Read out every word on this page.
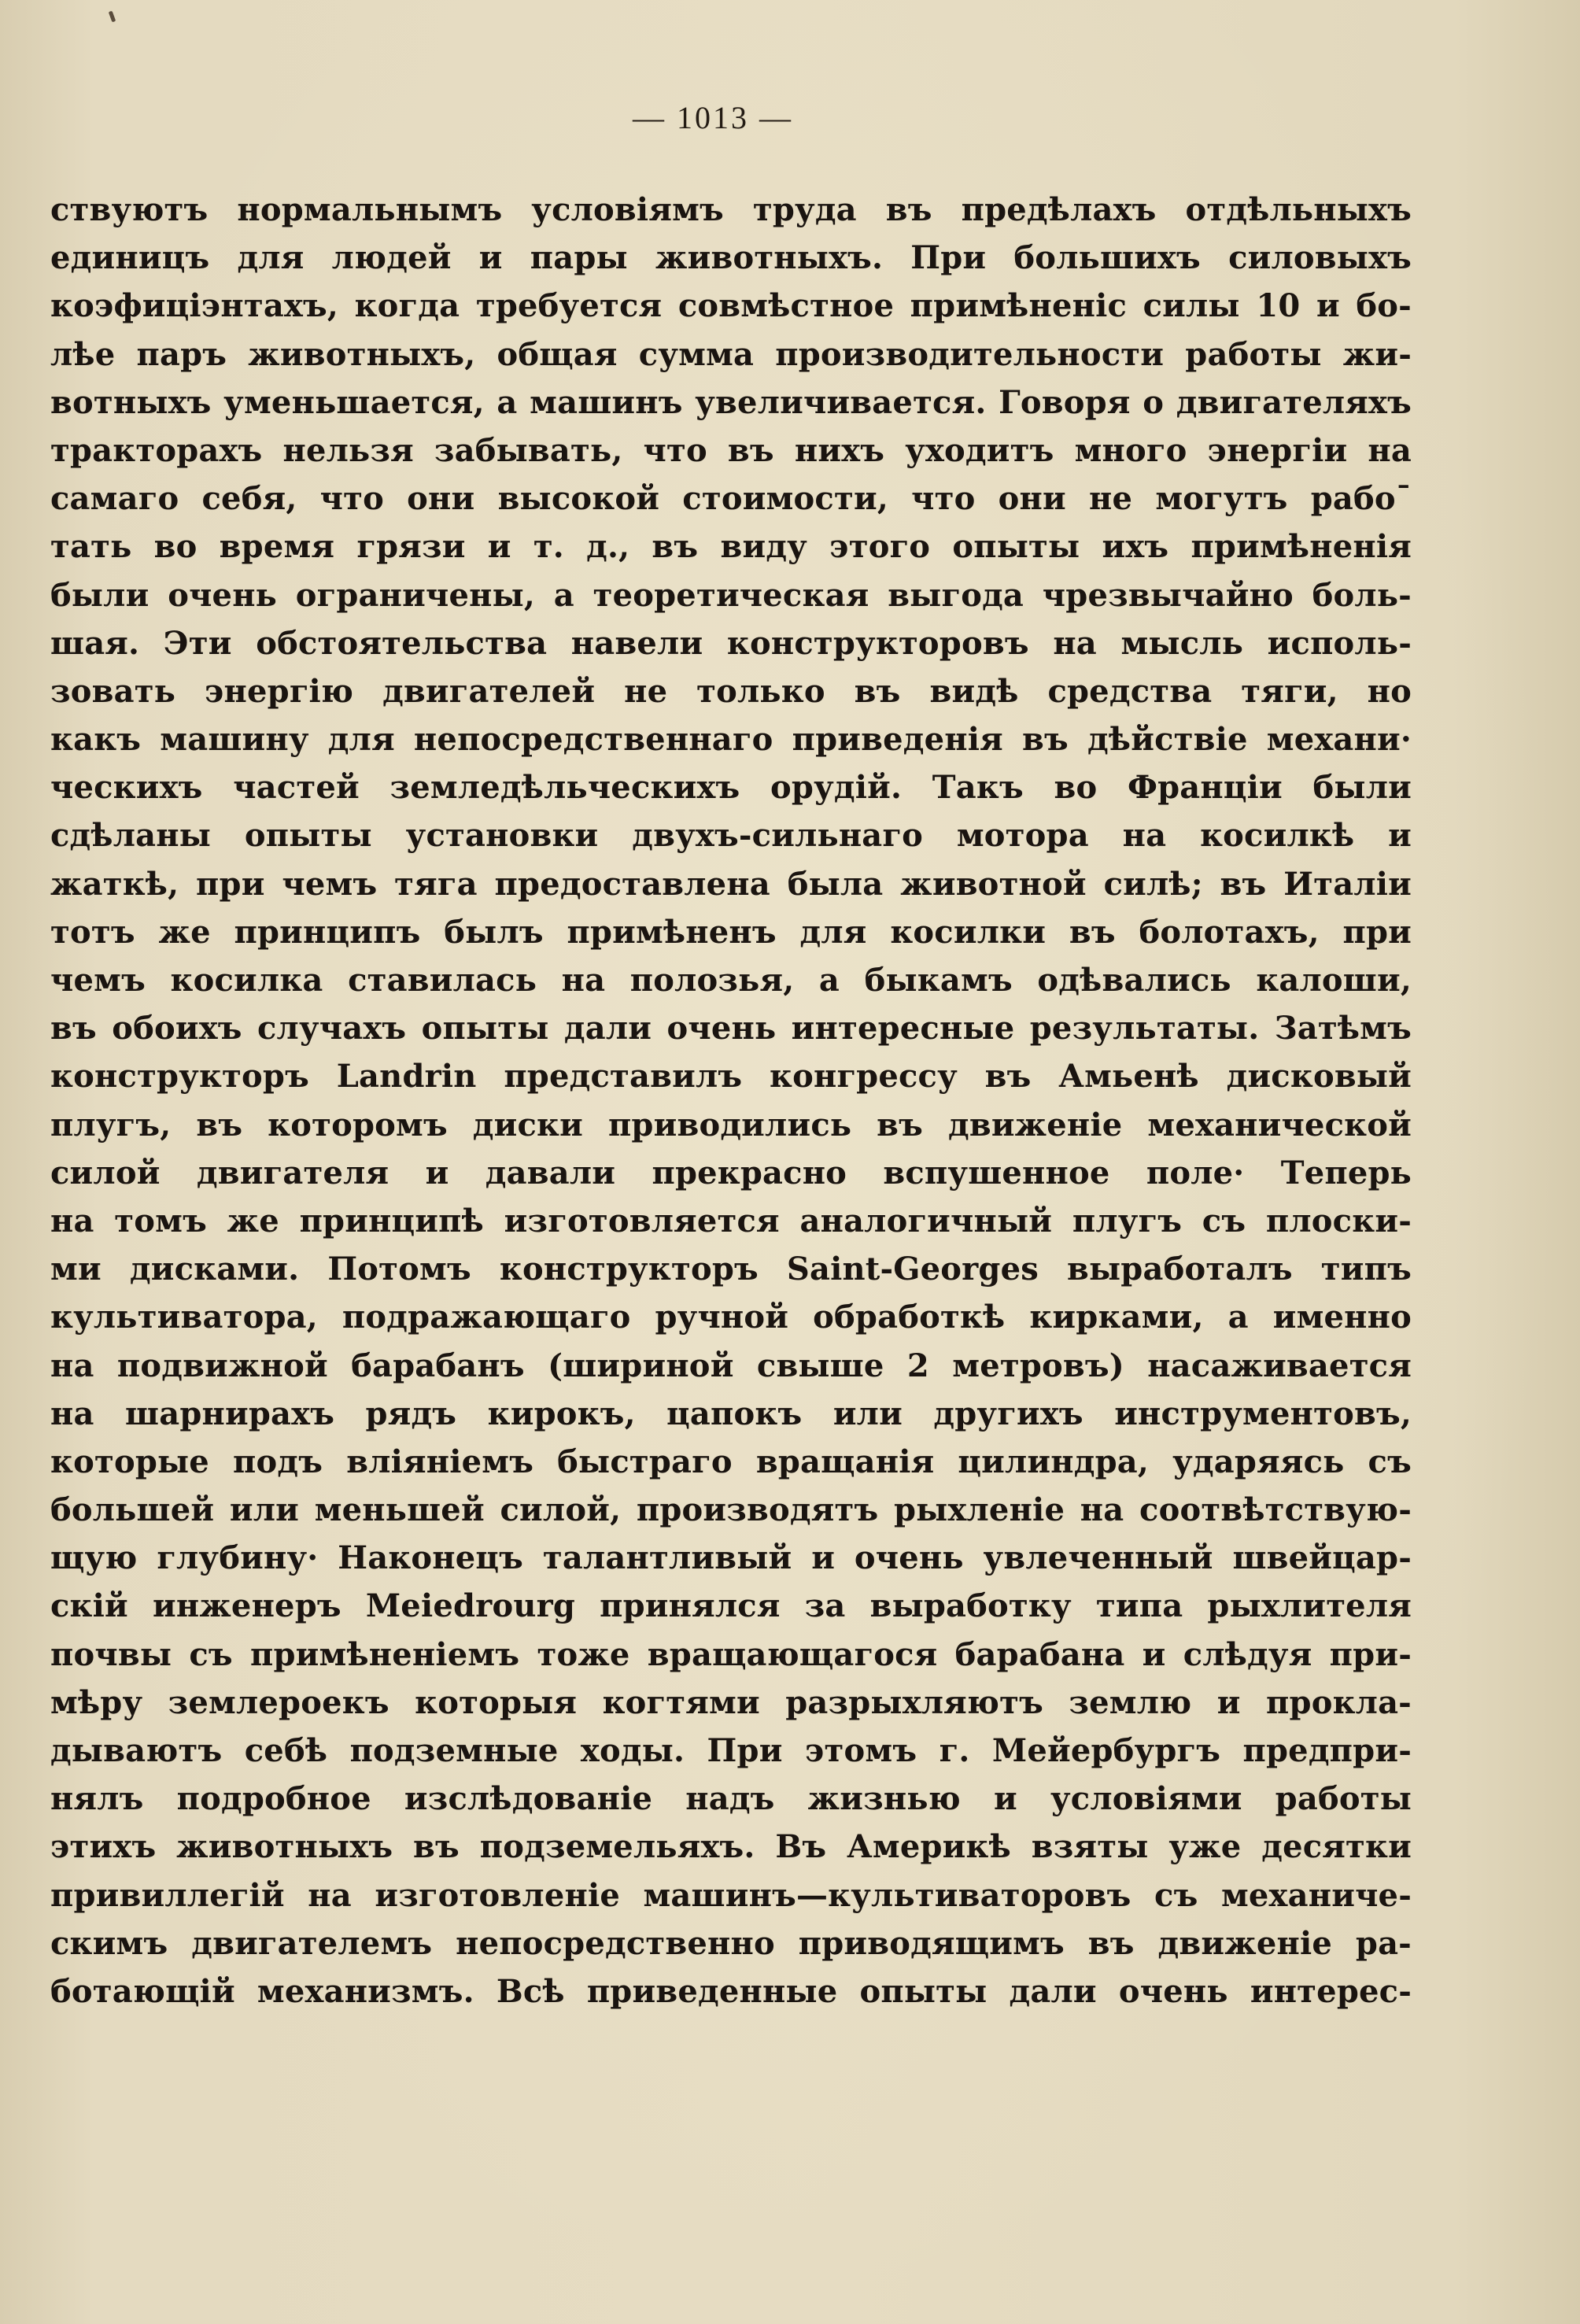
— 1013 —
ствуютъ нормальнымъ условіямъ труда въ предѣлахъ отдѣльныхъ
единицъ для людей и пары животныхъ. При большихъ силовыхъ
коэфиціэнтахъ, когда требуется совмѣстное примѣненіс силы 10 и бо-
лѣе паръ животныхъ, общая сумма производительности работы жи-
вотныхъ уменьшается, а машинъ увеличивается. Говоря о двигателяхъ
тракторахъ нельзя забывать, что въ нихъ уходитъ много энергіи на
самаго себя, что они высокой стоимости, что они не могутъ рабо¯
тать во время грязи и т. д., въ виду этого опыты ихъ примѣненія
были очень ограничены, а теоретическая выгода чрезвычайно боль-
шая. Эти обстоятельства навели конструкторовъ на мысль исполь-
зовать энергію двигателей не только въ видѣ средства тяги, но
какъ машину для непосредственнаго приведенія въ дѣйствіе механи·
ческихъ частей земледѣльческихъ орудій. Такъ во Франціи были
сдѣланы опыты установки двухъ-сильнаго мотора на косилкѣ и
жаткѣ, при чемъ тяга предоставлена была животной силѣ; въ Италіи
тотъ же принципъ былъ примѣненъ для косилки въ болотахъ, при
чемъ косилка ставилась на полозья, а быкамъ одѣвались калоши,
въ обоихъ случахъ опыты дали очень интересные результаты. Затѣмъ
конструкторъ Landrin представилъ конгрессу въ Амьенѣ дисковый
плугъ, въ которомъ диски приводились въ движеніе механической
силой двигателя и давали прекрасно вспушенное поле· Теперь
на томъ же принципѣ изготовляется аналогичный плугъ съ плоски-
ми дисками. Потомъ конструкторъ Saint-Georges выработалъ типъ
культиватора, подражающаго ручной обработкѣ кирками, а именно
на подвижной барабанъ (шириной свыше 2 метровъ) насаживается
на шарнирахъ рядъ кирокъ, цапокъ или другихъ инструментовъ,
которые подъ вліяніемъ быстраго вращанія цилиндра, ударяясь съ
большей или меньшей силой, производятъ рыхленіе на соотвѣтствую-
щую глубину· Наконецъ талантливый и очень увлеченный швейцар-
скій инженеръ Meiedrourg принялся за выработку типа рыхлителя
почвы съ примѣненіемъ тоже вращающагося барабана и слѣдуя при-
мѣру землероекъ которыя когтями разрыхляютъ землю и прокла-
дываютъ себѣ подземные ходы. При этомъ г. Мейербургъ предпри-
нялъ подробное изслѣдованіе надъ жизнью и условіями работы
этихъ животныхъ въ подземельяхъ. Въ Америкѣ взяты уже десятки
привиллегій на изготовленіе машинъ—культиваторовъ съ механиче-
скимъ двигателемъ непосредственно приводящимъ въ движеніе ра-
ботающій механизмъ. Всѣ приведенные опыты дали очень интерес-
